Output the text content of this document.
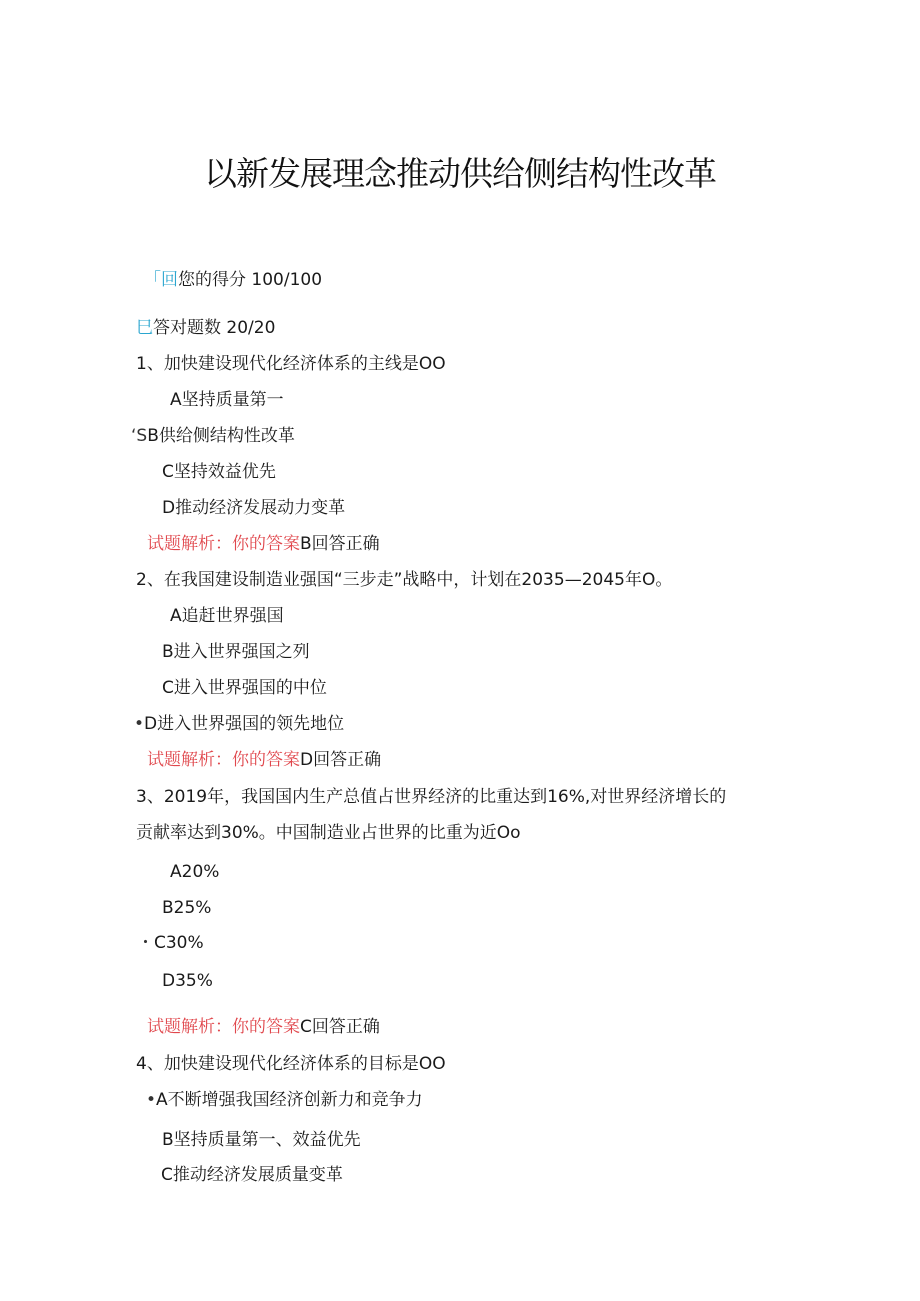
以新发展理念推动供给侧结构性改革
「回您的得分 100/100
巳答对题数 20/20
1、加快建设现代化经济体系的主线是OO
A坚持质量第一
‘SB供给侧结构性改革
C坚持效益优先
D推动经济发展动力变革
试题解析：你的答案B回答正确
2、在我国建设制造业强国“三步走”战略中，计划在2035—2045年O。
A追赶世界强国
B进入世界强国之列
C进入世界强国的中位
•D进入世界强国的领先地位
试题解析：你的答案D回答正确
3、2019年，我国国内生产总值占世界经济的比重达到16%,对世界经济增长的
贡献率达到30%。中国制造业占世界的比重为近Oo
A20%
B25%
・C30%
D35%
试题解析：你的答案C回答正确
4、加快建设现代化经济体系的目标是OO
•A不断增强我国经济创新力和竞争力
B坚持质量第一、效益优先
C推动经济发展质量变革
